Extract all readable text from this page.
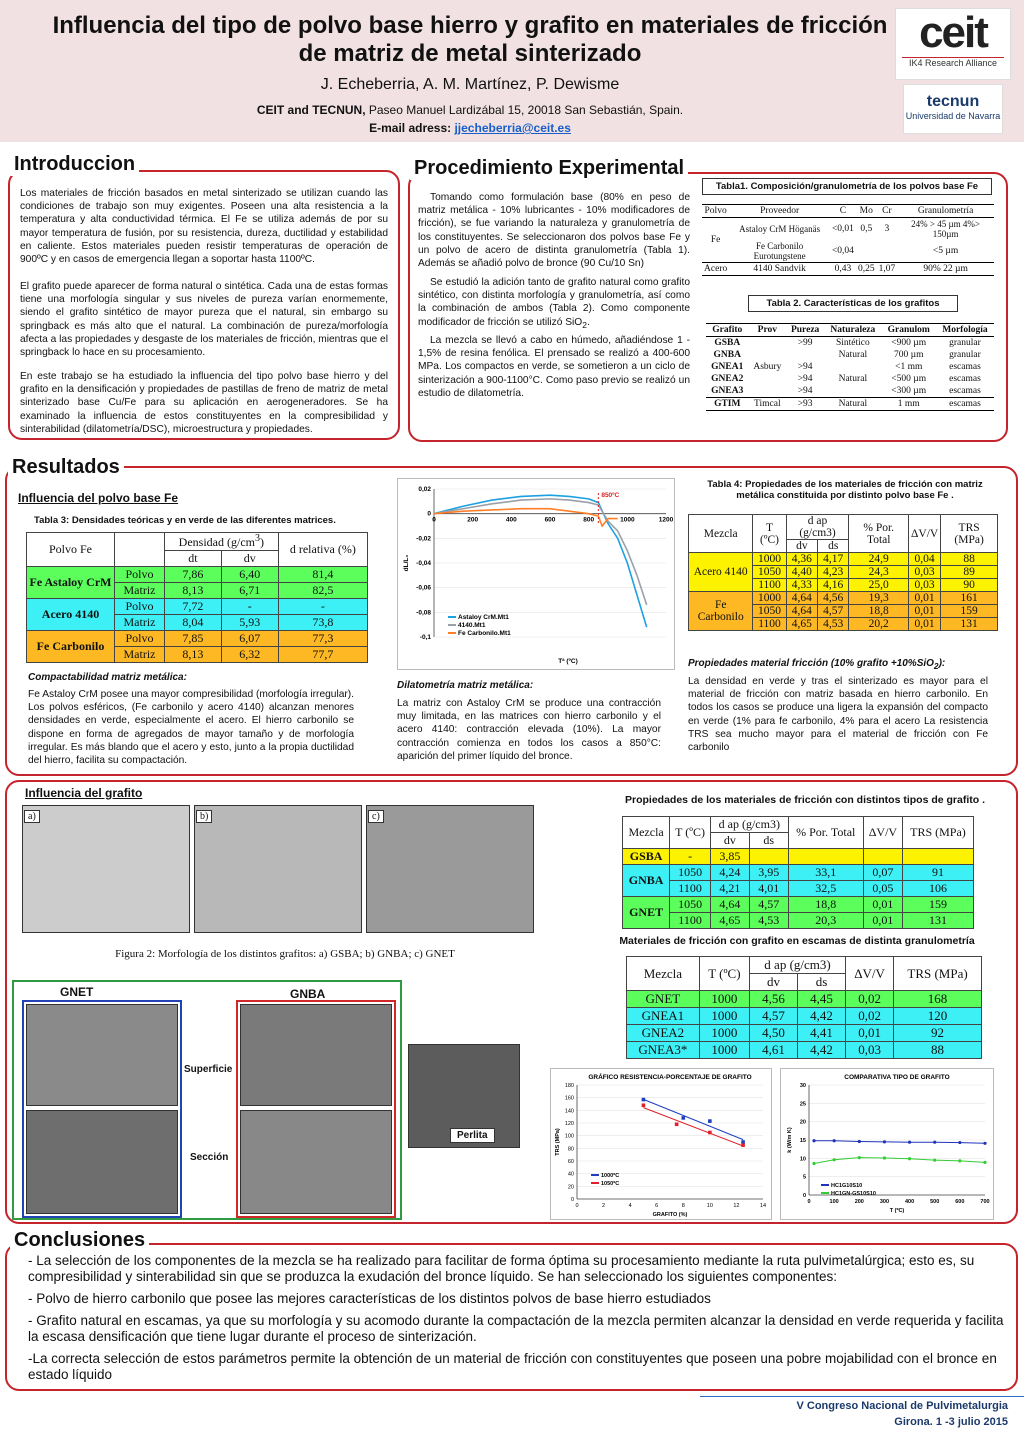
Influencia del tipo de polvo base hierro y grafito en materiales de fricción de matriz de metal sinterizado
J. Echeberria, A. M. Martínez, P. Dewisme
CEIT and TECNUN, Paseo Manuel Lardizábal 15, 20018 San Sebastián, Spain.
E-mail adress: jjecheberria@ceit.es
ceit
IK4 Research Alliance
tecnun
Universidad de Navarra
Introduccion
Los materiales de fricción basados en metal sinterizado se utilizan cuando las condiciones de trabajo son muy exigentes. Poseen una alta resistencia a la temperatura y alta conductividad térmica. El Fe se utiliza además de por su mayor temperatura de fusión, por su resistencia, dureza, ductilidad y estabilidad en caliente. Estos materiales pueden resistir temperaturas de operación de 900ºC y en casos de emergencia llegan a soportar hasta 1100ºC.
El grafito puede aparecer de forma natural o sintética. Cada una de estas formas tiene una morfología singular y sus niveles de pureza varían enormemente, siendo el grafito sintético de mayor pureza que el natural, sin embargo su springback es más alto que el natural. La combinación de pureza/morfología afecta a las propiedades y desgaste de los materiales de fricción, mientras que el springback lo hace en su procesamiento.
En este trabajo se ha estudiado la influencia del tipo polvo base hierro y del grafito en la densificación y propiedades de pastillas de freno de matriz de metal sinterizado base Cu/Fe para su aplicación en aerogeneradores. Se ha examinado la influencia de estos constituyentes en la compresibilidad y sinterabilidad (dilatometría/DSC), microestructura y propiedades.
Procedimiento Experimental
Tomando como formulación base (80% en peso de matriz metálica - 10% lubricantes - 10% modificadores de fricción), se fue variando la naturaleza y granulometría de los constituyentes. Se seleccionaron dos polvos base Fe y un polvo de acero de distinta granulometría (Tabla 1). Además se añadió polvo de bronce (90 Cu/10 Sn)
Se estudió la adición tanto de grafito natural como grafito sintético, con distinta morfología y granulometría, así como la combinación de ambos (Tabla 2). Como componente modificador de fricción se utilizó SiO$_2$.
La mezcla se llevó a cabo en húmedo, añadiéndose 1 - 1,5% de resina fenólica. El prensado se realizó a 400-600 MPa. Los compactos en verde, se sometieron a un ciclo de sinterización a 900-1100°C. Como paso previo se realizó un estudio de dilatometría.
Tabla1. Composición/granulometría de los polvos base Fe
Polvo	Proveedor	C	Mo	Cr	Granulometría
Fe	Astaloy CrM Höganäs	<0,01	0,5	3	24% > 45 µm 4%> 150µm
	Fe Carbonilo Eurotungstene	<0,04			<5 µm
Acero	4140 Sandvik	0,43	0,25	1,07	90% 22 µm
Tabla 2. Características de los grafitos
Grafito	Prov	Pureza	Naturaleza	Granulom	Morfología
GSBA	Asbury	>99	Sintético	<900 µm	granular
GNBA			Natural	700 µm	granular
GNEA1		>94		<1 mm	escamas
GNEA2		>94	Natural	<500 µm	escamas
GNEA3		>94		<300 µm	escamas
GTIM	Timcal	>93	Natural	1 mm	escamas
Resultados
Influencia del polvo base Fe
Tabla 3: Densidades teóricas y en verde de las diferentes matrices.
Polvo Fe		Densidad $(g/cm^3)$		d relativa (%)
		dt	dv	
Fe Astaloy CrM	Polvo	7,86	6,40	81,4
	Matriz	8,13	6,71	82,5
Acero 4140	Polvo	7,72	-	-
	Matriz	8,04	5,93	73,8
Fe Carbonilo	Polvo	7,85	6,07	77,3
	Matriz	8,13	6,32	77,7
Compactabilidad matriz metálica:
Fe Astaloy CrM posee una mayor compresibilidad (morfología irregular). Los polvos esféricos, (Fe carbonilo y acero 4140) alcanzan menores densidades en verde, especialmente el acero. El hierro carbonilo se dispone en forma de agregados de mayor tamaño y de morfología irregular. Es más blando que el acero y esto, junto a la propia ductilidad del hierro, facilita su compactación.
0,02
0
-0,02
-0,04
-0,06
-0,08
-0,1
0	200	400	600	800	1000	1200
Tª (ºC)
dL/L₀
Astaloy CrM.Mt1
4140.Mt1
Fe Carbonilo.Mt1
850ºC
Dilatometría matriz metálica:
La matriz con Astaloy CrM se produce una contracción muy limitada, en las matrices con hierro carbonilo y el acero 4140: contracción elevada (10%). La mayor contracción comienza en todos los casos a 850°C: aparición del primer líquido del bronce.
Tabla 4: Propiedades de los materiales de fricción con matriz metálica constituida por distinto polvo base Fe .
Mezcla	T (ºC)	d ap (g/cm3)		% Por. Total	ΔV/V	TRS (MPa)
		dv	ds			
Acero 4140	1000	4,36	4,17	24,9	0,04	88
	1050	4,40	4,23	24,3	0,03	89
	1100	4,33	4,16	25,0	0,03	90
Fe Carbonilo	1000	4,64	4,56	19,3	0,01	161
	1050	4,64	4,57	18,8	0,01	159
	1100	4,65	4,53	20,2	0,01	131
Propiedades material fricción (10% grafito +10%SiO$_2$):
La densidad en verde y tras el sinterizado es mayor para el material de fricción con matriz basada en hierro carbonilo. En todos los casos se produce una ligera la expansión del compacto en verde (1% para fe carbonilo, 4% para el acero La resistencia TRS sea mucho mayor para el material de fricción con Fe carbonilo
Influencia del grafito
a)	b)	c)
Figura 2: Morfología de los distintos grafitos: a) GSBA; b) GNBA; c) GNET
GNET	GNBA
Superficie
Sección
Perlita
Propiedades de los materiales de fricción con distintos tipos de grafito .
Mezcla	T (ºC)	d ap (g/cm3)		% Por. Total	ΔV/V	TRS (MPa)
		dv	ds			
GSBA	-	3,85				
GNBA	1050	4,24	3,95	33,1	0,07	91
	1100	4,21	4,01	32,5	0,05	106
GNET	1050	4,64	4,57	18,8	0,01	159
	1100	4,65	4,53	20,3	0,01	131
Materiales de fricción con grafito en escamas de distinta granulometría
Mezcla	T (ºC)	d ap (g/cm3)		ΔV/V	TRS (MPa)
		dv	ds		
GNET	1000	4,56	4,45	0,02	168
GNEA1	1000	4,57	4,42	0,02	120
GNEA2	1000	4,50	4,41	0,01	92
GNEA3*	1000	4,61	4,42	0,03	88
GRÁFICO RESISTENCIA-PORCENTAJE DE GRAFITO
0
20
40
60
80
100
120
140
160
180
0	2	4	6	8	10	12	14
GRAFITO (%)
TRS (MPa)
1000ºC
1050ºC
COMPARATIVA TIPO DE GRAFITO
0
5
10
15
20
25
30
0	100	200	300	400	500	600	700
T (ºC)
k (W/m K)
HC1G10S10
HC1GN-GS10S10
Conclusiones
- La selección de los componentes de la mezcla se ha realizado para facilitar de forma óptima su procesamiento mediante la ruta pulvimetalúrgica; esto es, su compresibilidad y sinterabilidad sin que se produzca la exudación del bronce líquido. Se han seleccionado los siguientes componentes:
- Polvo de hierro carbonilo que posee las mejores características de los distintos polvos de base hierro estudiados
- Grafito natural en escamas, ya que su morfología y su acomodo durante la compactación de la mezcla permiten alcanzar la densidad en verde requerida y facilita la escasa densificación que tiene lugar durante el proceso de sinterización.
-La correcta selección de estos parámetros permite la obtención de un material de fricción con constituyentes que poseen una pobre mojabilidad con el bronce en estado líquido
V Congreso Nacional de Pulvimetalurgia
Girona. 1 -3 julio 2015
